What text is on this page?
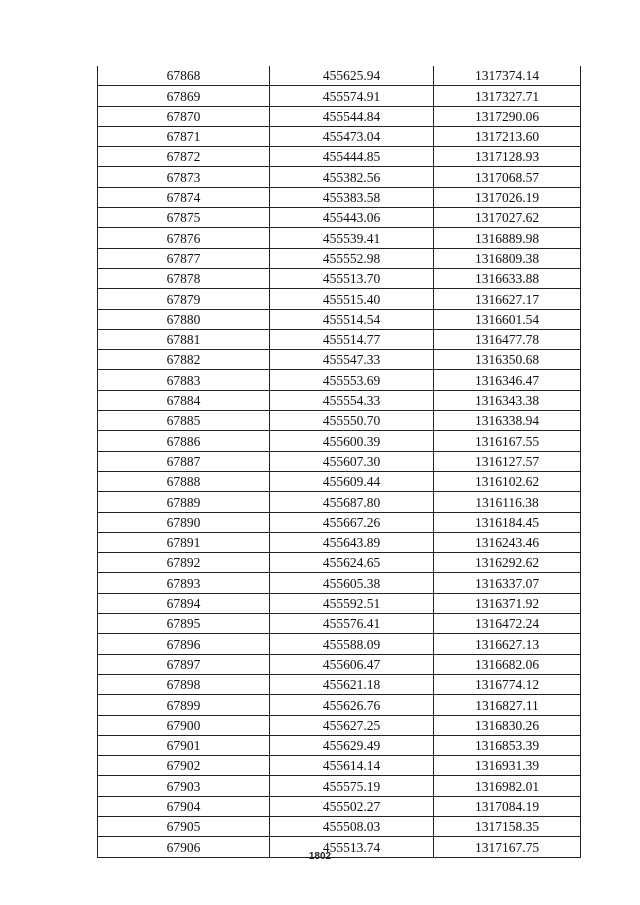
67868	455625.94	1317374.14
67869	455574.91	1317327.71
67870	455544.84	1317290.06
67871	455473.04	1317213.60
67872	455444.85	1317128.93
67873	455382.56	1317068.57
67874	455383.58	1317026.19
67875	455443.06	1317027.62
67876	455539.41	1316889.98
67877	455552.98	1316809.38
67878	455513.70	1316633.88
67879	455515.40	1316627.17
67880	455514.54	1316601.54
67881	455514.77	1316477.78
67882	455547.33	1316350.68
67883	455553.69	1316346.47
67884	455554.33	1316343.38
67885	455550.70	1316338.94
67886	455600.39	1316167.55
67887	455607.30	1316127.57
67888	455609.44	1316102.62
67889	455687.80	1316116.38
67890	455667.26	1316184.45
67891	455643.89	1316243.46
67892	455624.65	1316292.62
67893	455605.38	1316337.07
67894	455592.51	1316371.92
67895	455576.41	1316472.24
67896	455588.09	1316627.13
67897	455606.47	1316682.06
67898	455621.18	1316774.12
67899	455626.76	1316827.11
67900	455627.25	1316830.26
67901	455629.49	1316853.39
67902	455614.14	1316931.39
67903	455575.19	1316982.01
67904	455502.27	1317084.19
67905	455508.03	1317158.35
67906	455513.74	1317167.75
1802
